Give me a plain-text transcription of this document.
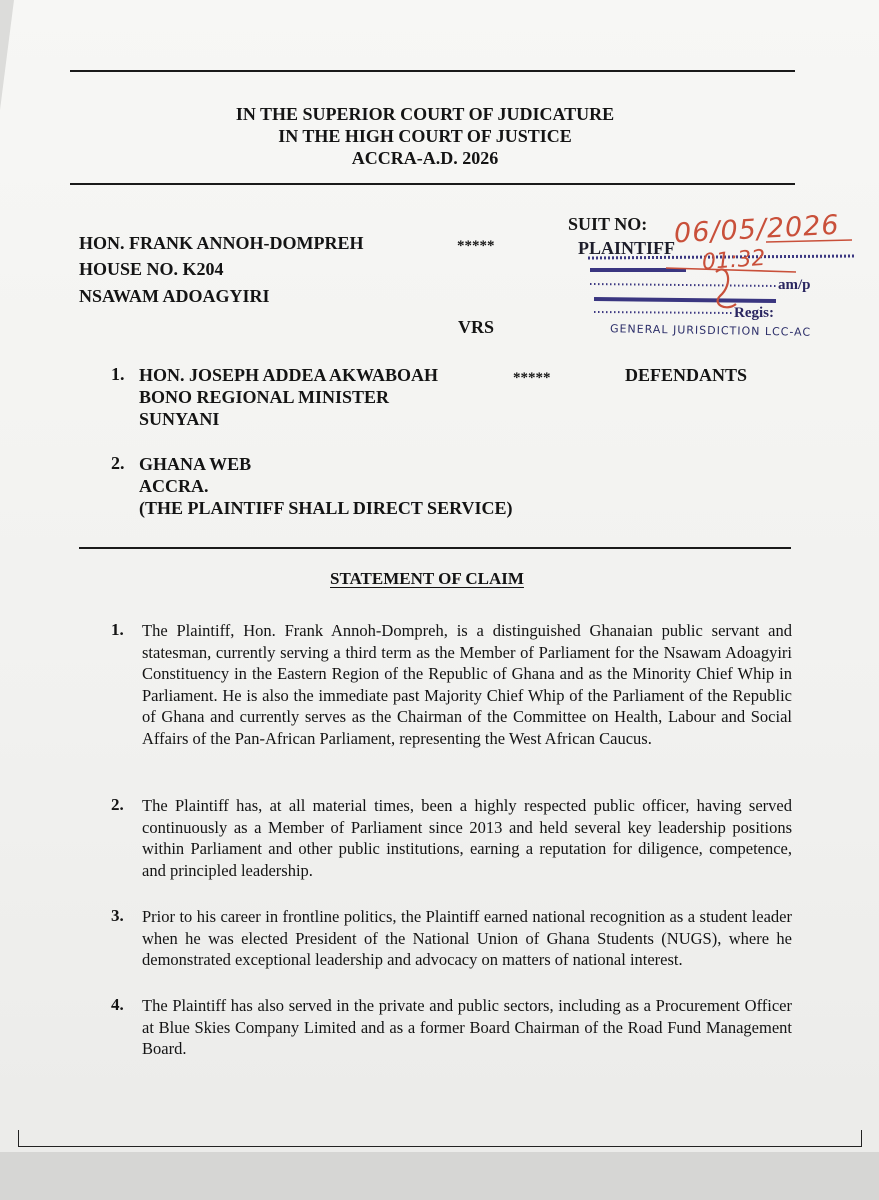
IN THE SUPERIOR COURT OF JUDICATURE
IN THE HIGH COURT OF JUSTICE
ACCRA-A.D. 2026
HON. FRANK ANNOH-DOMPREH
HOUSE NO. K204
NSAWAM ADOAGYIRI
*****
SUIT NO:
PLAINTIFF
06/05/2026
01:32
am/p
Regis:
GENERAL JURISDICTION LCC-AC
VRS
1. HON. JOSEPH ADDEA AKWABOAH
BONO REGIONAL MINISTER
SUNYANI
*****	DEFENDANTS
2. GHANA WEB
ACCRA.
(THE PLAINTIFF SHALL DIRECT SERVICE)
STATEMENT OF CLAIM
1. The Plaintiff, Hon. Frank Annoh-Dompreh, is a distinguished Ghanaian public servant and statesman, currently serving a third term as the Member of Parliament for the Nsawam Adoagyiri Constituency in the Eastern Region of the Republic of Ghana and as the Minority Chief Whip in Parliament. He is also the immediate past Majority Chief Whip of the Parliament of the Republic of Ghana and currently serves as the Chairman of the Committee on Health, Labour and Social Affairs of the Pan-African Parliament, representing the West African Caucus.
2. The Plaintiff has, at all material times, been a highly respected public officer, having served continuously as a Member of Parliament since 2013 and held several key leadership positions within Parliament and other public institutions, earning a reputation for diligence, competence, and principled leadership.
3. Prior to his career in frontline politics, the Plaintiff earned national recognition as a student leader when he was elected President of the National Union of Ghana Students (NUGS), where he demonstrated exceptional leadership and advocacy on matters of national interest.
4. The Plaintiff has also served in the private and public sectors, including as a Procurement Officer at Blue Skies Company Limited and as a former Board Chairman of the Road Fund Management Board.
